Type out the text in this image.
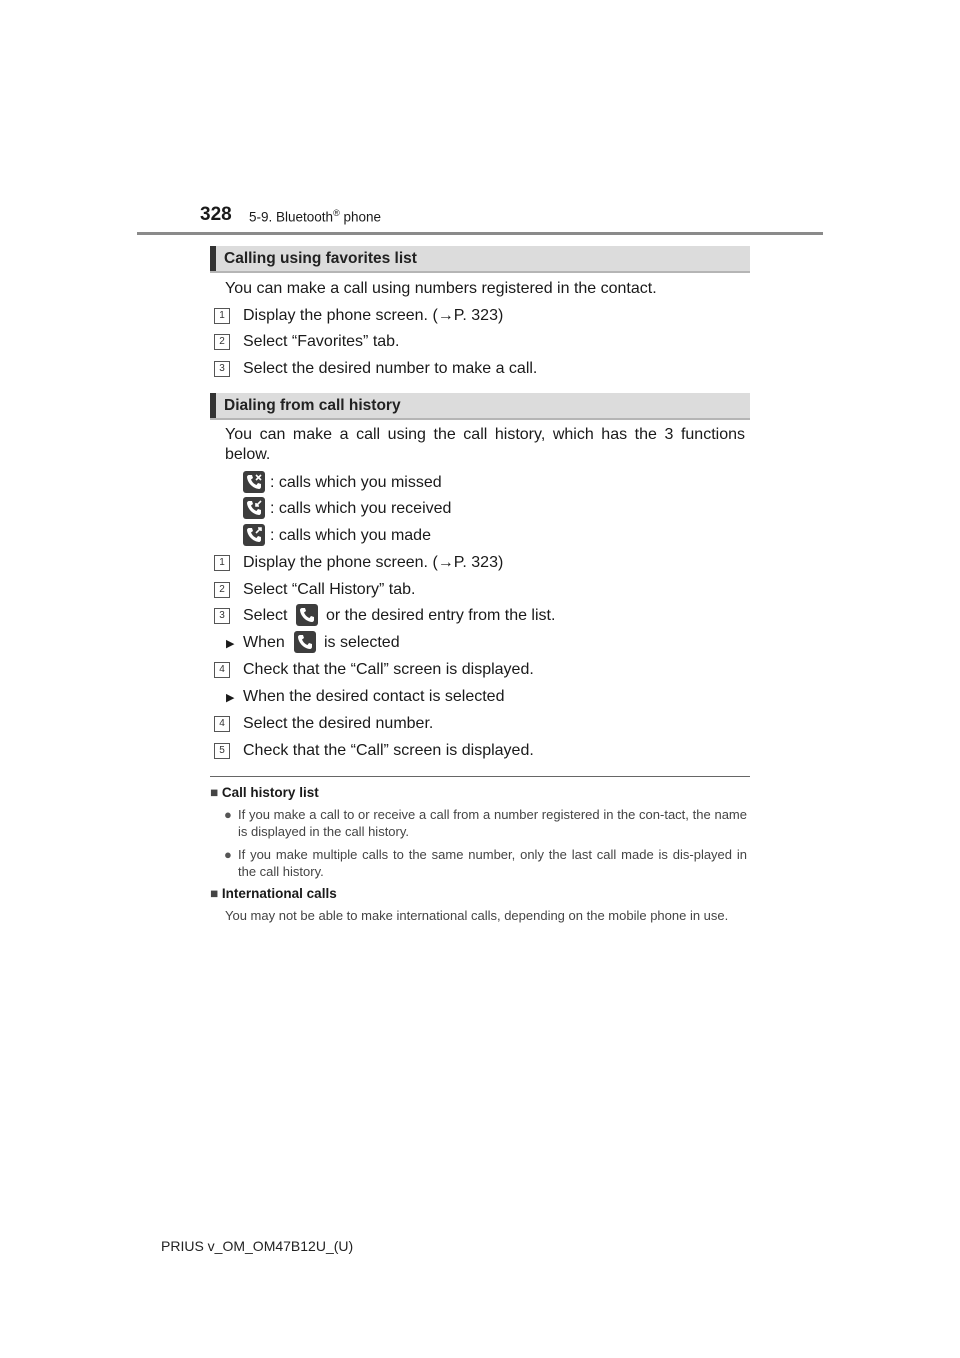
328 5-9. Bluetooth® phone
Calling using favorites list
You can make a call using numbers registered in the contact.
1	Display the phone screen. (→P. 323)
2	Select “Favorites” tab.
3	Select the desired number to make a call.
Dialing from call history
You can make a call using the call history, which has the 3 functions below.
: calls which you missed
: calls which you received
: calls which you made
1	Display the phone screen. (→P. 323)
2	Select “Call History” tab.
3	Select or the desired entry from the list.
▶ When is selected
4	Check that the “Call” screen is displayed.
▶ When the desired contact is selected
4	Select the desired number.
5	Check that the “Call” screen is displayed.
■ Call history list
● If you make a call to or receive a call from a number registered in the con-tact, the name is displayed in the call history.
● If you make multiple calls to the same number, only the last call made is dis-played in the call history.
■ International calls
You may not be able to make international calls, depending on the mobile phone in use.
PRIUS v_OM_OM47B12U_(U)
